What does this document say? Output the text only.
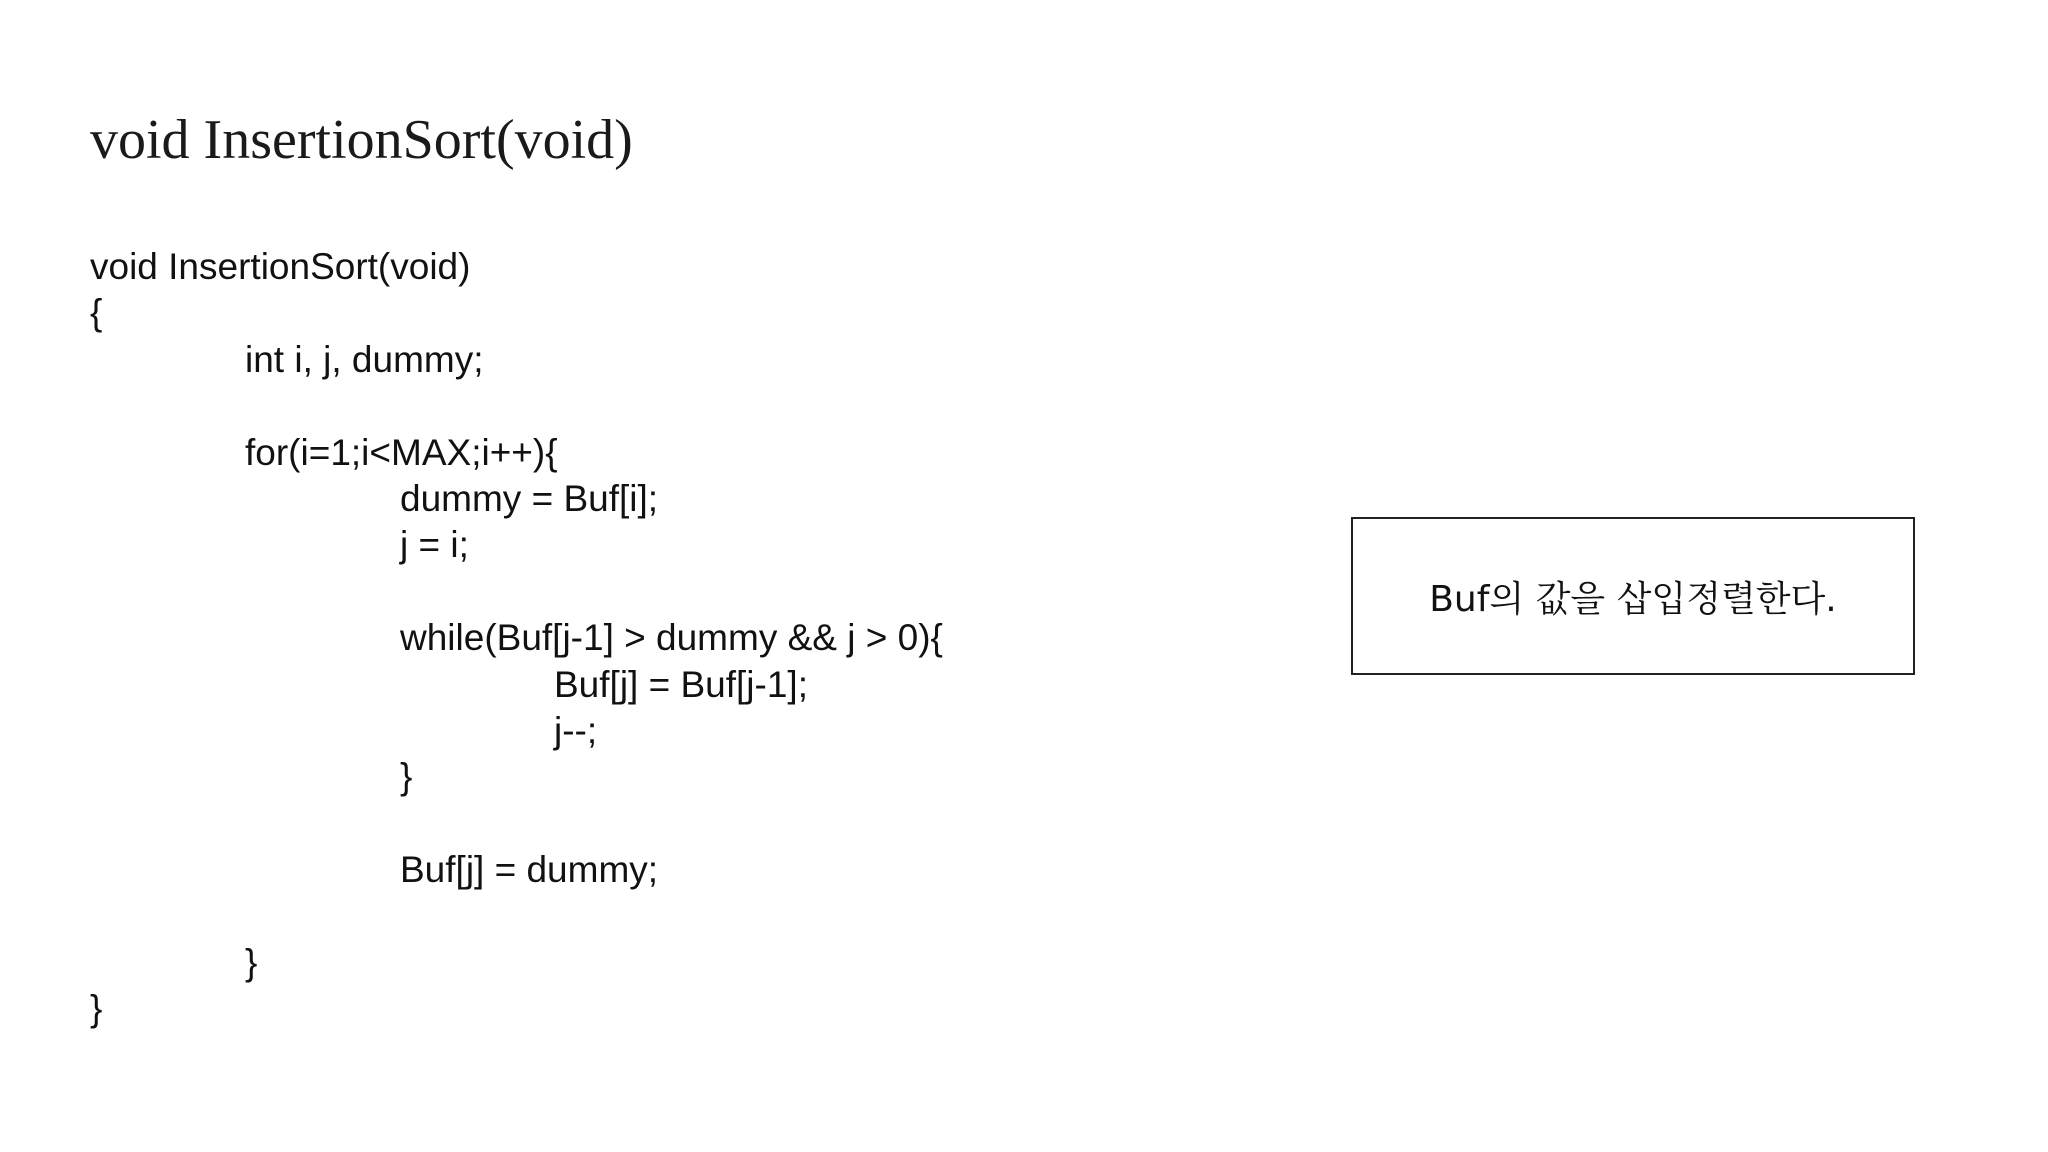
void InsertionSort(void)
void InsertionSort(void)
{
int i, j, dummy;
for(i=1;i<MAX;i++){
dummy = Buf[i];
j = i;
while(Buf[j-1] > dummy && j > 0){
Buf[j] = Buf[j-1];
j--;
}
Buf[j] = dummy;
}
}
Buf의 값을 삽입정렬한다.
